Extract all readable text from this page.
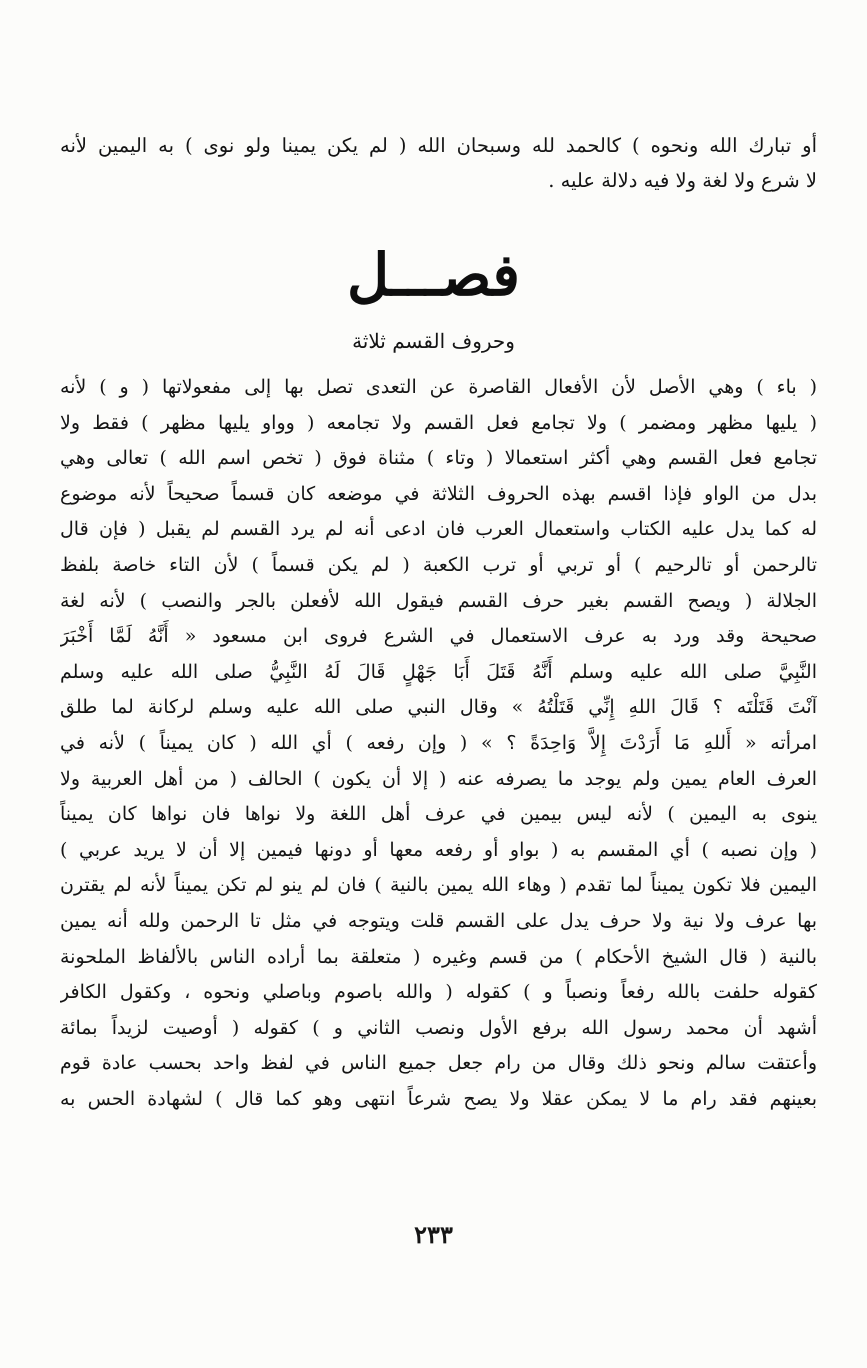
أو تبارك الله ونحوه ) كالحمد لله وسبحان الله ( لم يكن يمينا ولو نوى ) به اليمين لأنه
لا شرع ولا لغة ولا فيه دلالة عليه .
فصـــل
وحروف القسم ثلاثة
( باء ) وهي الأصل لأن الأفعال القاصرة عن التعدى تصل بها إلى مفعولاتها ( و ) لأنه
( يليها مظهر ومضمر ) ولا تجامع فعل القسم ولا تجامعه ( وواو يليها مظهر ) فقط ولا
تجامع فعل القسم وهي أكثر استعمالا ( وتاء ) مثناة فوق ( تخص اسم الله ) تعالى وهي
بدل من الواو فإذا اقسم بهذه الحروف الثلاثة في موضعه كان قسماً صحيحاً لأنه موضوع
له كما يدل عليه الكتاب واستعمال العرب فان ادعى أنه لم يرد القسم لم يقبل ( فإن قال
تالرحمن أو تالرحيم ) أو تربي أو ترب الكعبة ( لم يكن قسماً ) لأن التاء خاصة بلفظ
الجلالة ( ويصح القسم بغير حرف القسم فيقول الله لأفعلن بالجر والنصب ) لأنه لغة
صحيحة وقد ورد به عرف الاستعمال في الشرع فروى ابن مسعود « أَنَّهُ لَمَّا أَخْبَرَ
النَّبِيَّ صلى الله عليه وسلم أَنَّهُ قَتَلَ أَبَا جَهْلٍ قَالَ لَهُ النَّبِيُّ صلى الله عليه وسلم
آنْتَ قَتَلْتَه ؟ قَالَ اللهِ إِنِّي قَتَلْتُهُ » وقال النبي صلى الله عليه وسلم لركانة لما طلق
امرأته « أَللهِ مَا أَرَدْتَ إِلاَّ وَاحِدَةً ؟ » ( وإن رفعه ) أي الله ( كان يميناً ) لأنه في
العرف العام يمين ولم يوجد ما يصرفه عنه ( إلا أن يكون ) الحالف ( من أهل العربية ولا
ينوى به اليمين ) لأنه ليس بيمين في عرف أهل اللغة ولا نواها فان نواها كان يميناً
( وإن نصبه ) أي المقسم به ( بواو أو رفعه معها أو دونها فيمين إلا أن لا يريد عربي )
اليمين فلا تكون يميناً لما تقدم ( وهاء الله يمين بالنية ) فان لم ينو لم تكن يميناً لأنه لم يقترن
بها عرف ولا نية ولا حرف يدل على القسم قلت ويتوجه في مثل تا الرحمن ولله أنه يمين
بالنية ( قال الشيخ الأحكام ) من قسم وغيره ( متعلقة بما أراده الناس بالألفاظ الملحونة
كقوله حلفت بالله رفعاً ونصباً و ) كقوله ( والله باصوم وباصلي ونحوه ، وكقول الكافر
أشهد أن محمد رسول الله برفع الأول ونصب الثاني و ) كقوله ( أوصيت لزيداً بمائة
وأعتقت سالم ونحو ذلك وقال من رام جعل جميع الناس في لفظ واحد بحسب عادة قوم
بعينهم فقد رام ما لا يمكن عقلا ولا يصح شرعاً انتهى وهو كما قال ) لشهادة الحس به
٢٣٣
